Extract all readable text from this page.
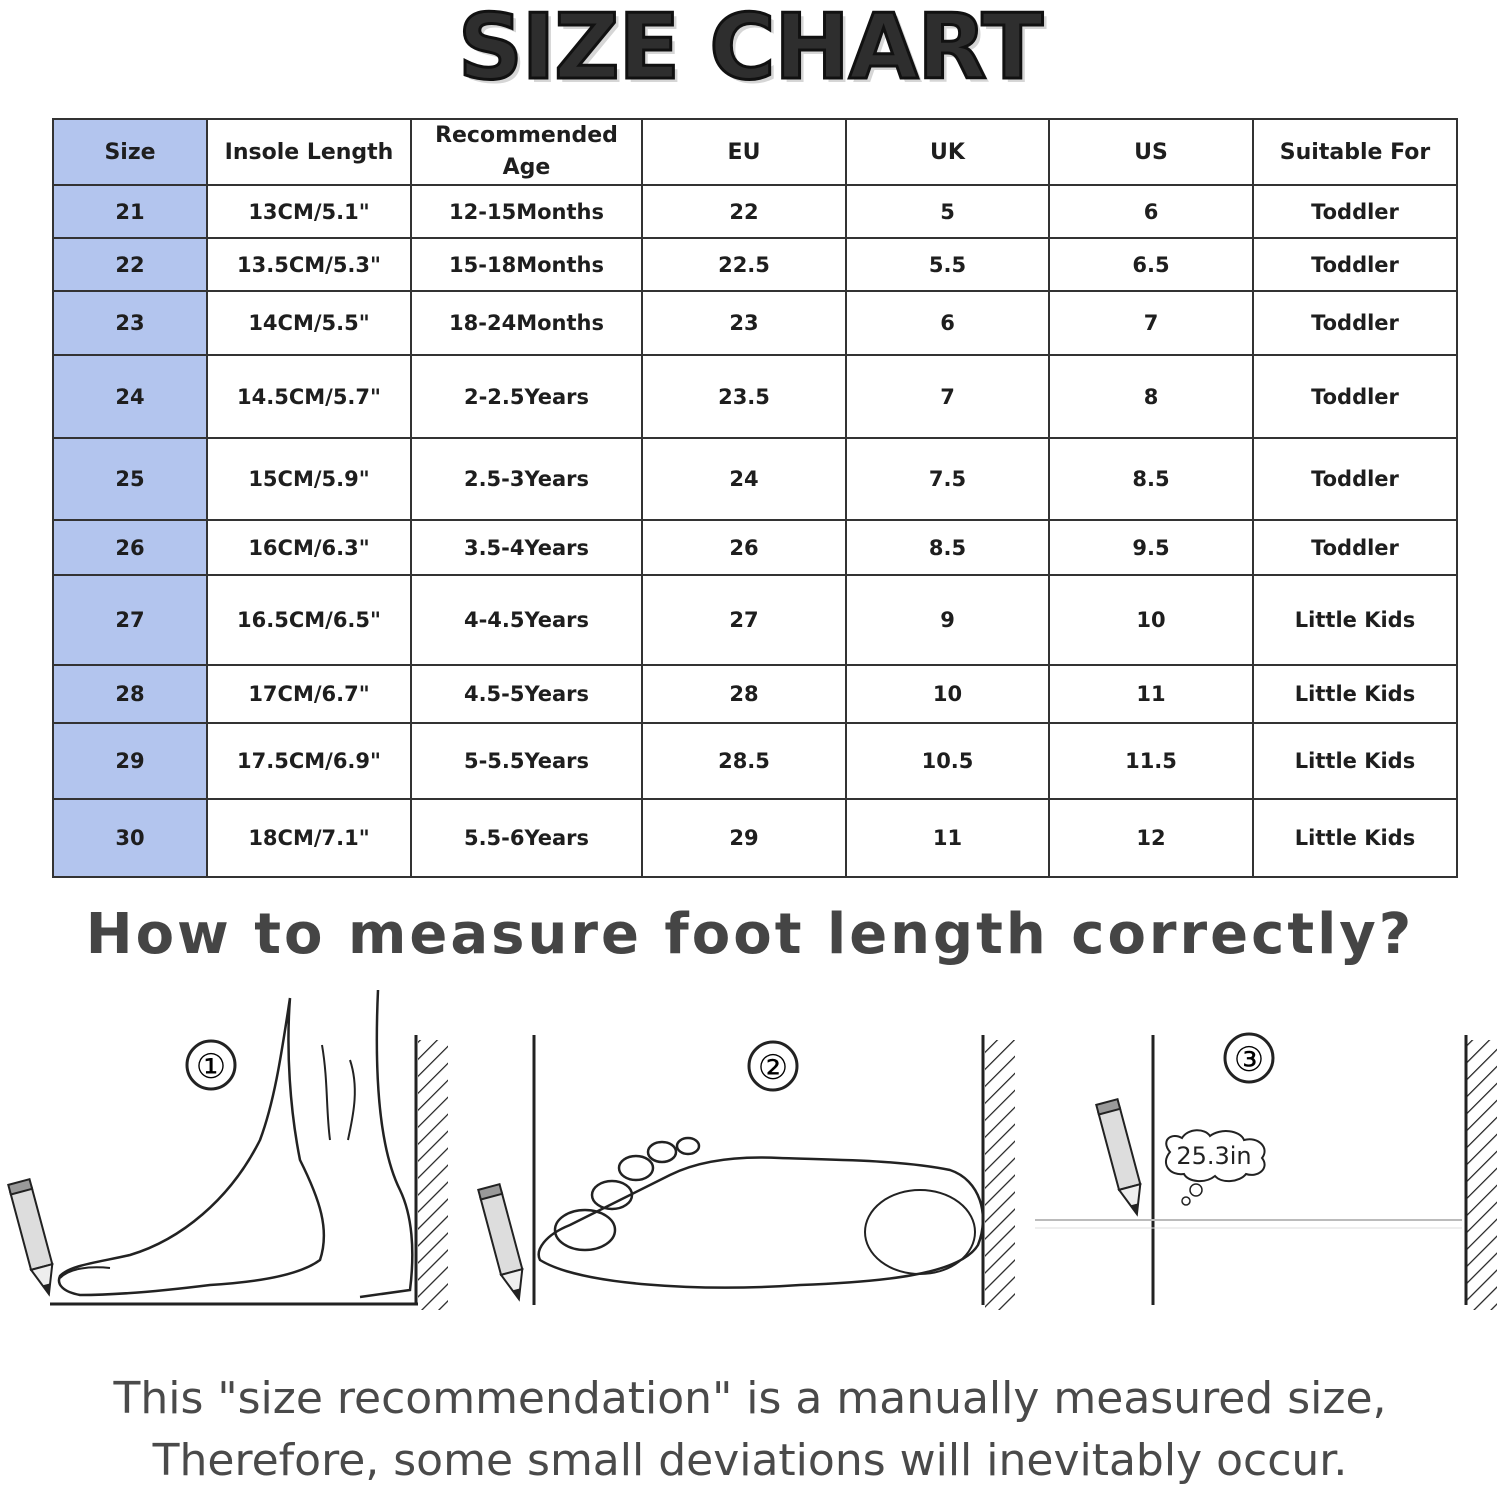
SIZE CHART
Size	Insole Length	Recommended Age	EU	UK	US	Suitable For
21	13CM/5.1"	12-15Months	22	5	6	Toddler
22	13.5CM/5.3"	15-18Months	22.5	5.5	6.5	Toddler
23	14CM/5.5"	18-24Months	23	6	7	Toddler
24	14.5CM/5.7"	2-2.5Years	23.5	7	8	Toddler
25	15CM/5.9"	2.5-3Years	24	7.5	8.5	Toddler
26	16CM/6.3"	3.5-4Years	26	8.5	9.5	Toddler
27	16.5CM/6.5"	4-4.5Years	27	9	10	Little Kids
28	17CM/6.7"	4.5-5Years	28	10	11	Little Kids
29	17.5CM/6.9"	5-5.5Years	28.5	10.5	11.5	Little Kids
30	18CM/7.1"	5.5-6Years	29	11	12	Little Kids
How to measure foot length correctly?
①	②	③
25.3in
This "size recommendation" is a manually measured size,
Therefore, some small deviations will inevitably occur.
